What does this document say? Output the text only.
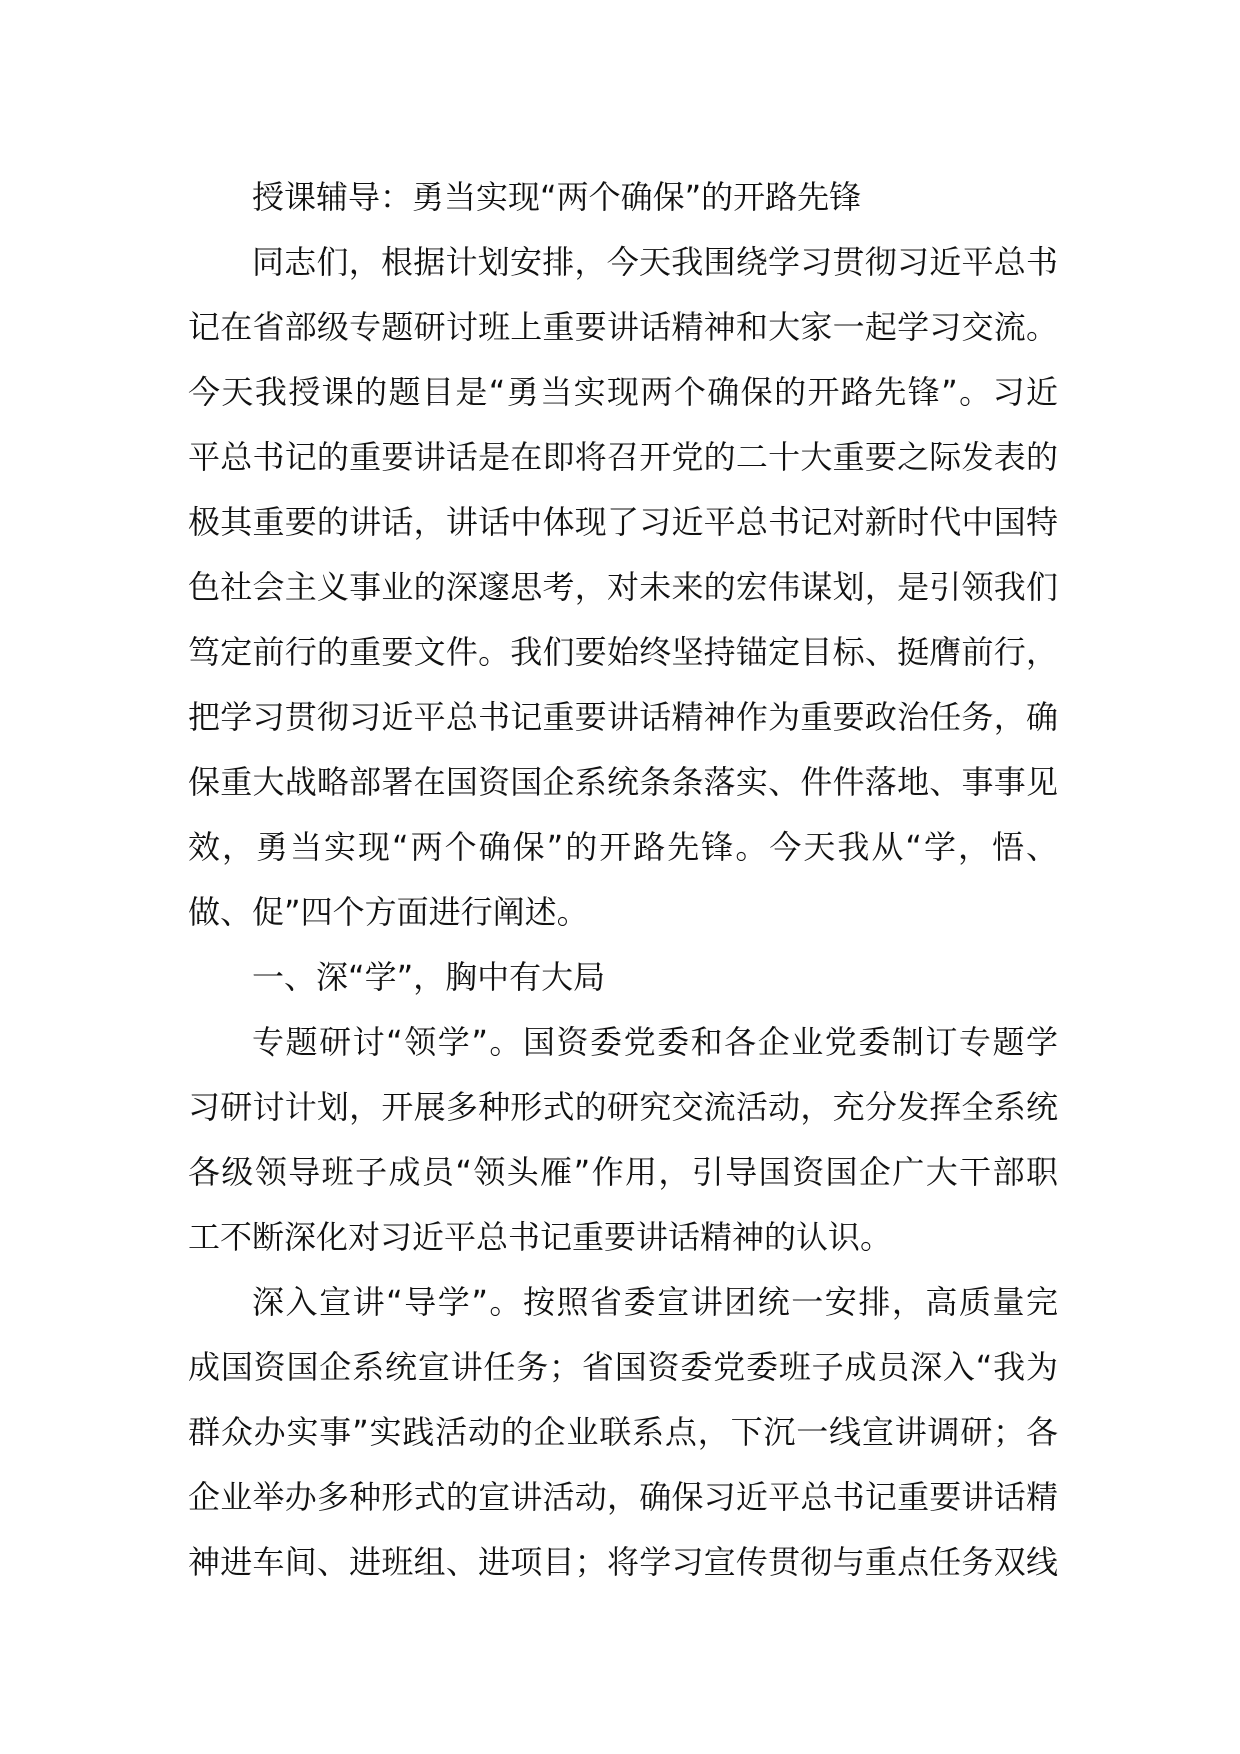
授课辅导：勇当实现“两个确保”的开路先锋
同志们，根据计划安排，今天我围绕学习贯彻习近平总书
记在省部级专题研讨班上重要讲话精神和大家一起学习交流。
今天我授课的题目是“勇当实现两个确保的开路先锋”。习近
平总书记的重要讲话是在即将召开党的二十大重要之际发表的
极其重要的讲话，讲话中体现了习近平总书记对新时代中国特
色社会主义事业的深邃思考，对未来的宏伟谋划，是引领我们
笃定前行的重要文件。我们要始终坚持锚定目标、挺膺前行，
把学习贯彻习近平总书记重要讲话精神作为重要政治任务，确
保重大战略部署在国资国企系统条条落实、件件落地、事事见
效，勇当实现“两个确保”的开路先锋。今天我从“学，悟、
做、促”四个方面进行阐述。
一、深“学”，胸中有大局
专题研讨“领学”。国资委党委和各企业党委制订专题学
习研讨计划，开展多种形式的研究交流活动，充分发挥全系统
各级领导班子成员“领头雁”作用，引导国资国企广大干部职
工不断深化对习近平总书记重要讲话精神的认识。
深入宣讲“导学”。按照省委宣讲团统一安排，高质量完
成国资国企系统宣讲任务；省国资委党委班子成员深入“我为
群众办实事”实践活动的企业联系点，下沉一线宣讲调研；各
企业举办多种形式的宣讲活动，确保习近平总书记重要讲话精
神进车间、进班组、进项目；将学习宣传贯彻与重点任务双线
